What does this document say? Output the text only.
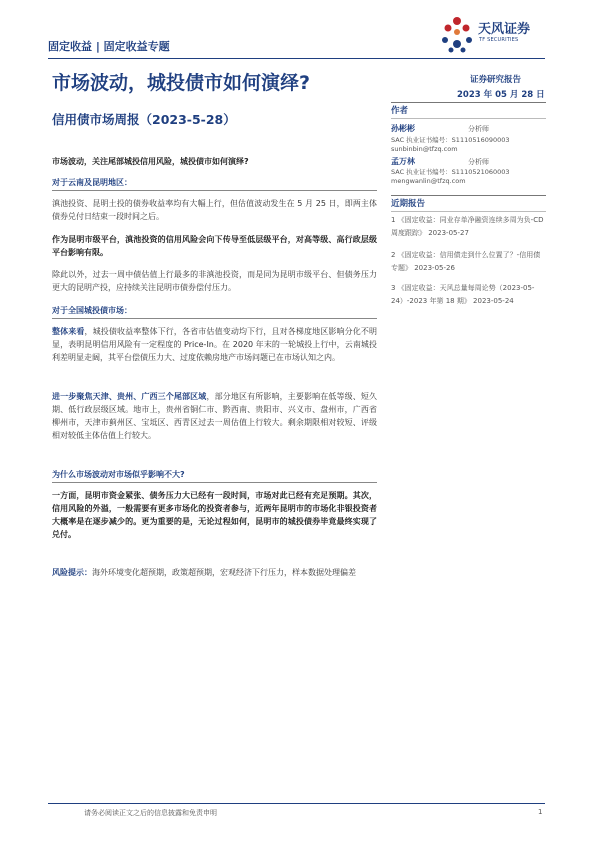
固定收益 | 固定收益专题
天风证券
TF SECURITIES
市场波动，城投债市如何演绎?
信用债市场周报（2023-5-28）
证券研究报告
2023 年 05 月 28 日
作者
孙彬彬	分析师
SAC 执业证书编号：S1110516090003
sunbinbin@tfzq.com
孟万林	分析师
SAC 执业证书编号：S1110521060003
mengwanlin@tfzq.com
近期报告
1 《固定收益：同业存单净融资连续多周为负-CD 周度跟踪》 2023-05-27
2 《固定收益：信用债走到什么位置了？-信用债专题》 2023-05-26
3 《固定收益：天风总量每周论势（2023-05-24）-2023 年第 18 期》 2023-05-24
市场波动，关注尾部城投信用风险，城投债市如何演绎?
对于云南及昆明地区：
滇池投资、昆明土投的债券收益率均有大幅上行，但估值波动发生在 5 月 25 日，即两主体债券兑付日结束一段时间之后。
作为昆明市级平台，滇池投资的信用风险会向下传导至低层级平台，对高等级、高行政层级平台影响有限。
除此以外，过去一周中债估值上行最多的非滇池投资，而是同为昆明市级平台、但债务压力更大的昆明产投，应持续关注昆明市债券偿付压力。
对于全国城投债市场：
整体来看，城投债收益率整体下行，各省市估值变动均下行，且对各梯度地区影响分化不明显，表明昆明信用风险有一定程度的 Price-In。在 2020 年末的一轮城投上行中，云南城投利差明显走阔，其平台偿债压力大、过度依赖房地产市场问题已在市场认知之内。
进一步聚焦天津、贵州、广西三个尾部区域，部分地区有所影响，主要影响在低等级、短久期、低行政层级区域。地市上，贵州省铜仁市、黔西南、贵阳市、兴义市、盘州市，广西省柳州市，天津市蓟州区、宝坻区、西青区过去一周估值上行较大。剩余期限相对较短、评级相对较低主体估值上行较大。
为什么市场波动对市场似乎影响不大?
一方面，昆明市资金紧张、债务压力大已经有一段时间，市场对此已经有充足预期。其次，信用风险的外溢，一般需要有更多市场化的投资者参与，近两年昆明市的市场化非银投资者大概率是在逐步减少的。更为重要的是，无论过程如何，昆明市的城投债券毕竟最终实现了兑付。
风险提示：海外环境变化超预期，政策超预期，宏观经济下行压力，样本数据处理偏差
请务必阅读正文之后的信息披露和免责申明	1
